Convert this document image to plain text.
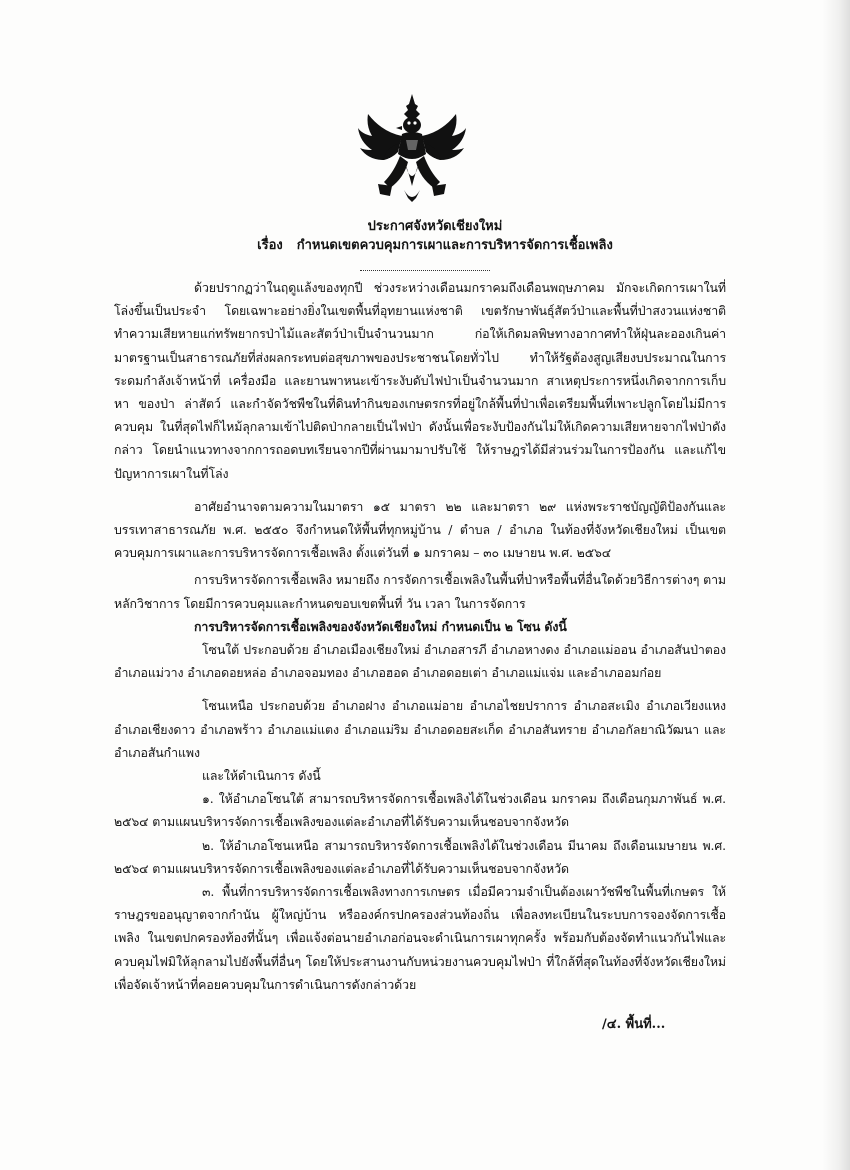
ประกาศจังหวัดเชียงใหม่
เรื่อง กำหนดเขตควบคุมการเผาและการบริหารจัดการเชื้อเพลิง

ด้วยปรากฏว่าในฤดูแล้งของทุกปี ช่วงระหว่างเดือนมกราคมถึงเดือนพฤษภาคม มักจะเกิดการเผาในที่โล่งขึ้นเป็นประจำ โดยเฉพาะอย่างยิ่งในเขตพื้นที่อุทยานแห่งชาติ เขตรักษาพันธุ์สัตว์ป่าและพื้นที่ป่าสงวนแห่งชาติ ทำความเสียหายแก่ทรัพยากรป่าไม้และสัตว์ป่าเป็นจำนวนมาก ก่อให้เกิดมลพิษทางอากาศทำให้ฝุ่นละอองเกินค่ามาตรฐานเป็นสาธารณภัยที่ส่งผลกระทบต่อสุขภาพของประชาชนโดยทั่วไป ทำให้รัฐต้องสูญเสียงบประมาณในการระดมกำลังเจ้าหน้าที่ เครื่องมือ และยานพาหนะเข้าระงับดับไฟป่าเป็นจำนวนมาก สาเหตุประการหนึ่งเกิดจากการเก็บหา ของป่า ล่าสัตว์ และกำจัดวัชพืชในที่ดินทำกินของเกษตรกรที่อยู่ใกล้พื้นที่ป่าเพื่อเตรียมพื้นที่เพาะปลูกโดยไม่มีการควบคุม ในที่สุดไฟก็ไหม้ลุกลามเข้าไปติดป่ากลายเป็นไฟป่า ดังนั้นเพื่อระงับป้องกันไม่ให้เกิดความเสียหายจากไฟป่าดังกล่าว โดยนำแนวทางจากการถอดบทเรียนจากปีที่ผ่านมามาปรับใช้ ให้ราษฎรได้มีส่วนร่วมในการป้องกัน และแก้ไขปัญหาการเผาในที่โล่ง

อาศัยอำนาจตามความในมาตรา ๑๕ มาตรา ๒๒ และมาตรา ๒๙ แห่งพระราชบัญญัติป้องกันและบรรเทาสาธารณภัย พ.ศ. ๒๕๕๐ จึงกำหนดให้พื้นที่ทุกหมู่บ้าน / ตำบล / อำเภอ ในท้องที่จังหวัดเชียงใหม่ เป็นเขตควบคุมการเผาและการบริหารจัดการเชื้อเพลิง ตั้งแต่วันที่ ๑ มกราคม – ๓๐ เมษายน พ.ศ. ๒๕๖๔

การบริหารจัดการเชื้อเพลิง หมายถึง การจัดการเชื้อเพลิงในพื้นที่ป่าหรือพื้นที่อื่นใดด้วยวิธีการต่างๆ ตามหลักวิชาการ โดยมีการควบคุมและกำหนดขอบเขตพื้นที่ วัน เวลา ในการจัดการ

การบริหารจัดการเชื้อเพลิงของจังหวัดเชียงใหม่ กำหนดเป็น ๒ โซน ดังนี้

โซนใต้ ประกอบด้วย อำเภอเมืองเชียงใหม่ อำเภอสารภี อำเภอหางดง อำเภอแม่ออน อำเภอสันป่าตอง อำเภอแม่วาง อำเภอดอยหล่อ อำเภอจอมทอง อำเภอฮอด อำเภอดอยเต่า อำเภอแม่แจ่ม และอำเภออมก๋อย

โซนเหนือ ประกอบด้วย อำเภอฝาง อำเภอแม่อาย อำเภอไชยปราการ อำเภอสะเมิง อำเภอเวียงแหง อำเภอเชียงดาว อำเภอพร้าว อำเภอแม่แตง อำเภอแม่ริม อำเภอดอยสะเก็ด อำเภอสันทราย อำเภอกัลยาณิวัฒนา และอำเภอสันกำแพง

และให้ดำเนินการ ดังนี้

๑. ให้อำเภอโซนใต้ สามารถบริหารจัดการเชื้อเพลิงได้ในช่วงเดือน มกราคม ถึงเดือนกุมภาพันธ์ พ.ศ. ๒๕๖๔ ตามแผนบริหารจัดการเชื้อเพลิงของแต่ละอำเภอที่ได้รับความเห็นชอบจากจังหวัด

๒. ให้อำเภอโซนเหนือ สามารถบริหารจัดการเชื้อเพลิงได้ในช่วงเดือน มีนาคม ถึงเดือนเมษายน พ.ศ. ๒๕๖๔ ตามแผนบริหารจัดการเชื้อเพลิงของแต่ละอำเภอที่ได้รับความเห็นชอบจากจังหวัด

๓. พื้นที่การบริหารจัดการเชื้อเพลิงทางการเกษตร เมื่อมีความจำเป็นต้องเผาวัชพืชในพื้นที่เกษตร ให้ราษฎรขออนุญาตจากกำนัน ผู้ใหญ่บ้าน หรือองค์กรปกครองส่วนท้องถิ่น เพื่อลงทะเบียนในระบบการจองจัดการเชื้อเพลิง ในเขตปกครองท้องที่นั้นๆ เพื่อแจ้งต่อนายอำเภอก่อนจะดำเนินการเผาทุกครั้ง พร้อมกับต้องจัดทำแนวกันไฟและควบคุมไฟมิให้ลุกลามไปยังพื้นที่อื่นๆ โดยให้ประสานงานกับหน่วยงานควบคุมไฟป่า ที่ใกล้ที่สุดในท้องที่จังหวัดเชียงใหม่ เพื่อจัดเจ้าหน้าที่คอยควบคุมในการดำเนินการดังกล่าวด้วย

/๔. พื้นที่...
